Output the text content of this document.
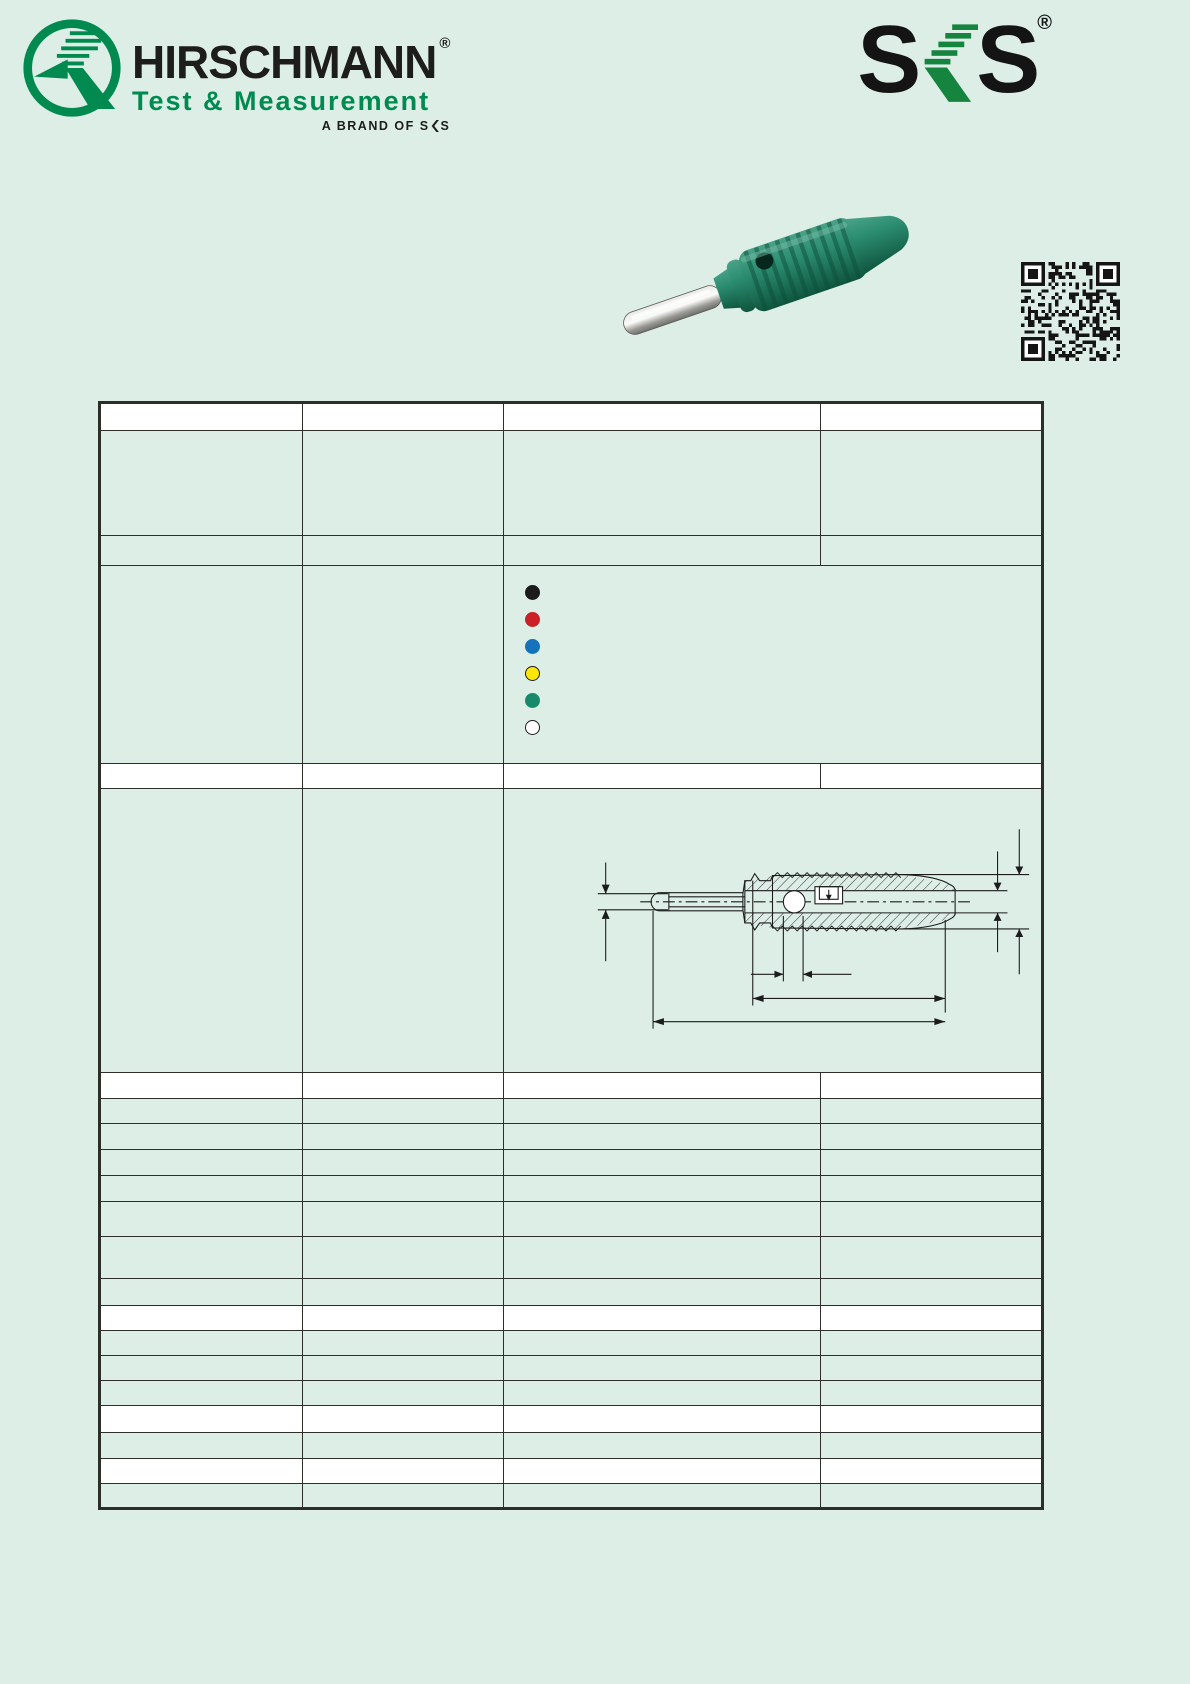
HIRSCHMANN ®
Test & Measurement
A BRAND OF S S
S S ®
